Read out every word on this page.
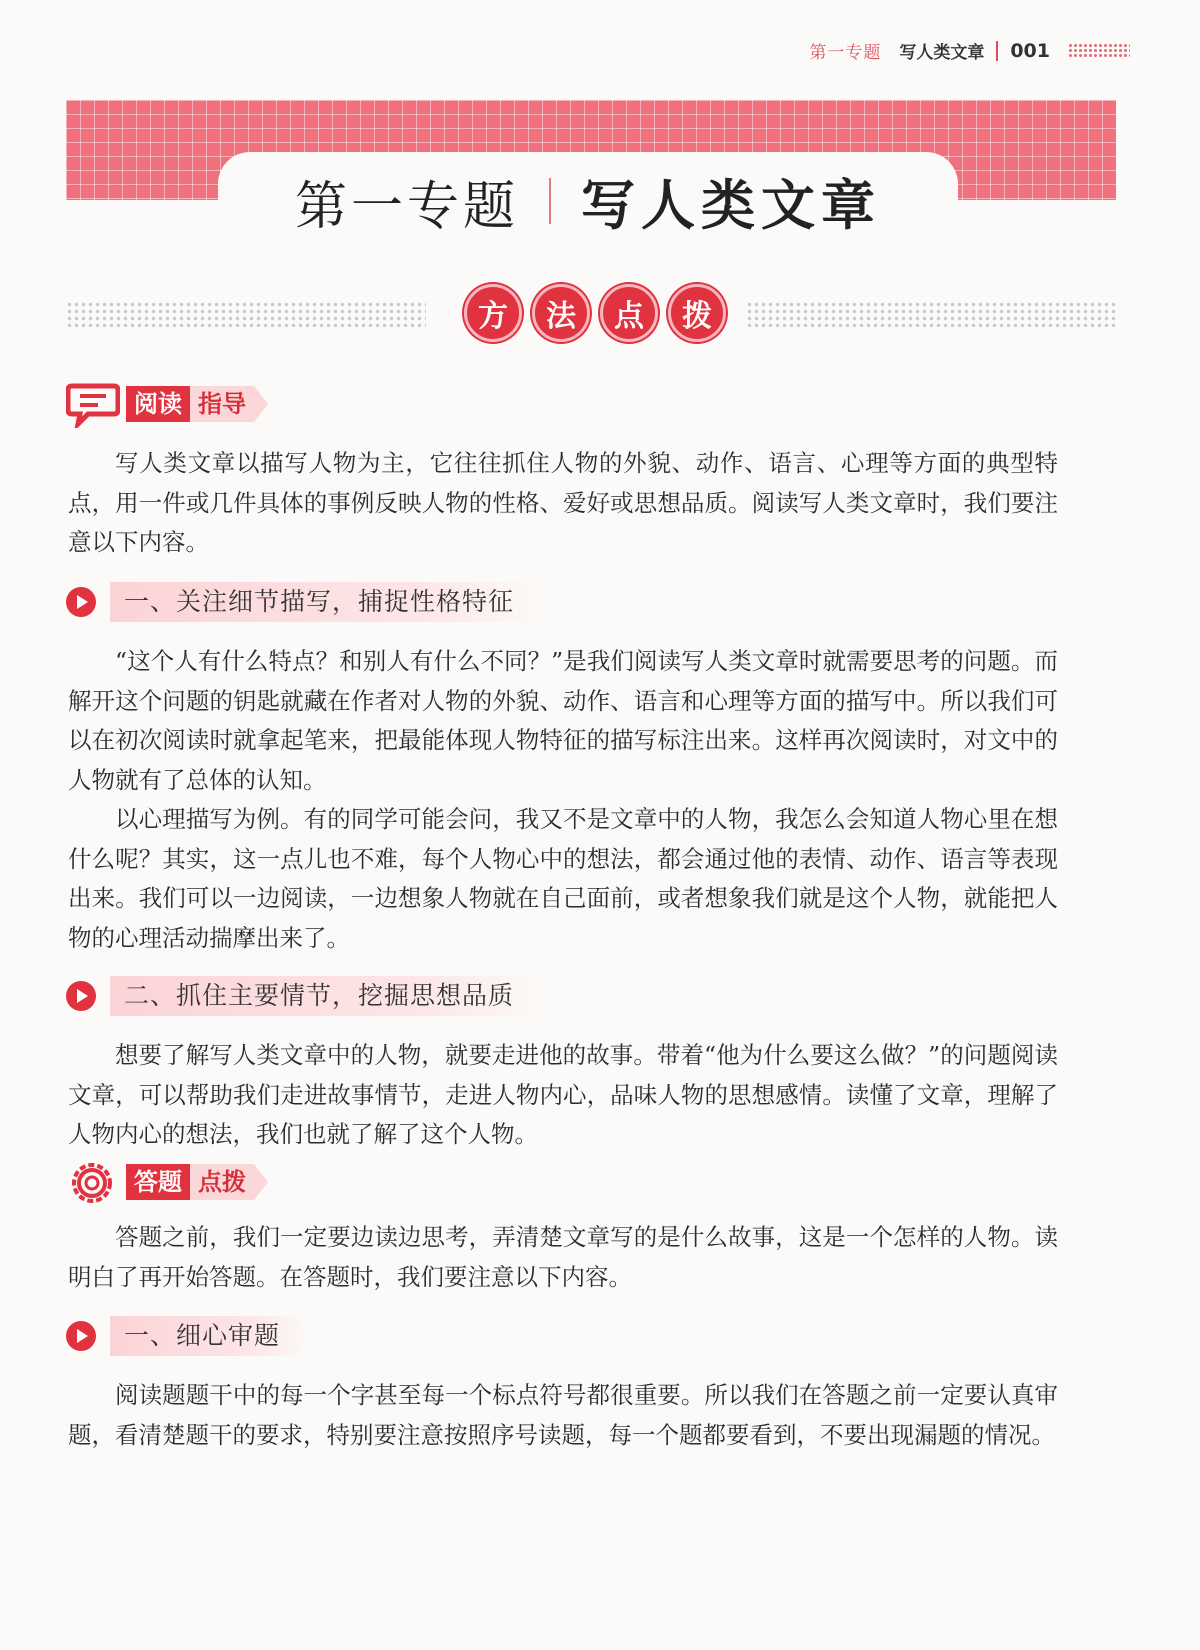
第一专题 写人类文章 001
第一专题 写人类文章
方	法	点	拨
阅读 指导

写人类文章以描写人物为主，它往往抓住人物的外貌、动作、语言、心理等方面的典型特点，用一件或几件具体的事例反映人物的性格、爱好或思想品质。阅读写人类文章时，我们要注意以下内容。

一、关注细节描写，捕捉性格特征

“这个人有什么特点？和别人有什么不同？”是我们阅读写人类文章时就需要思考的问题。而解开这个问题的钥匙就藏在作者对人物的外貌、动作、语言和心理等方面的描写中。所以我们可以在初次阅读时就拿起笔来，把最能体现人物特征的描写标注出来。这样再次阅读时，对文中的人物就有了总体的认知。

以心理描写为例。有的同学可能会问，我又不是文章中的人物，我怎么会知道人物心里在想什么呢？其实，这一点儿也不难，每个人物心中的想法，都会通过他的表情、动作、语言等表现出来。我们可以一边阅读，一边想象人物就在自己面前，或者想象我们就是这个人物，就能把人物的心理活动揣摩出来了。

二、抓住主要情节，挖掘思想品质

想要了解写人类文章中的人物，就要走进他的故事。带着“他为什么要这么做？”的问题阅读文章，可以帮助我们走进故事情节，走进人物内心，品味人物的思想感情。读懂了文章，理解了人物内心的想法，我们也就了解了这个人物。

答题 点拨

答题之前，我们一定要边读边思考，弄清楚文章写的是什么故事，这是一个怎样的人物。读明白了再开始答题。在答题时，我们要注意以下内容。

一、细心审题

阅读题题干中的每一个字甚至每一个标点符号都很重要。所以我们在答题之前一定要认真审题，看清楚题干的要求，特别要注意按照序号读题，每一个题都要看到，不要出现漏题的情况。
